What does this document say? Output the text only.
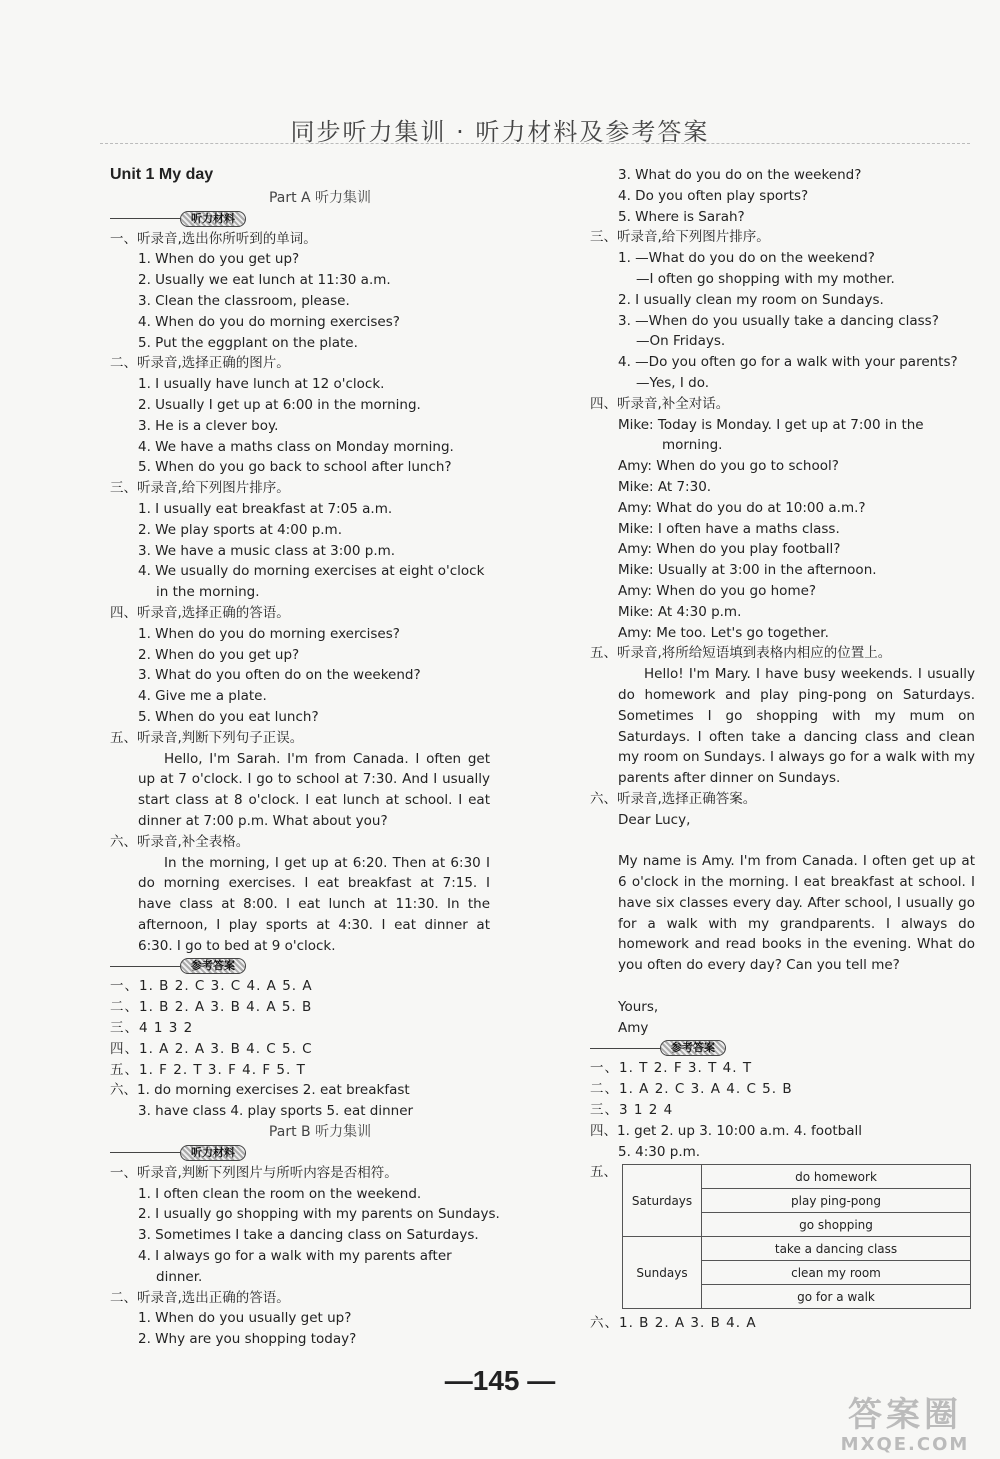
同步听力集训 · 听力材料及参考答案
Unit 1 My day
Part A 听力集训
听力材料
一、听录音,选出你所听到的单词。
1. When do you get up?
2. Usually we eat lunch at 11:30 a.m.
3. Clean the classroom, please.
4. When do you do morning exercises?
5. Put the eggplant on the plate.
二、听录音,选择正确的图片。
1. I usually have lunch at 12 o'clock.
2. Usually I get up at 6:00 in the morning.
3. He is a clever boy.
4. We have a maths class on Monday morning.
5. When do you go back to school after lunch?
三、听录音,给下列图片排序。
1. I usually eat breakfast at 7:05 a.m.
2. We play sports at 4:00 p.m.
3. We have a music class at 3:00 p.m.
4. We usually do morning exercises at eight o'clock
in the morning.
四、听录音,选择正确的答语。
1. When do you do morning exercises?
2. When do you get up?
3. What do you often do on the weekend?
4. Give me a plate.
5. When do you eat lunch?
五、听录音,判断下列句子正误。
Hello, I'm Sarah. I'm from Canada. I often get up at 7 o'clock. I go to school at 7:30. And I usually start class at 8 o'clock. I eat lunch at school. I eat dinner at 7:00 p.m. What about you?
六、听录音,补全表格。
In the morning, I get up at 6:20. Then at 6:30 I do morning exercises. I eat breakfast at 7:15. I have class at 8:00. I eat lunch at 11:30. In the afternoon, I play sports at 4:30. I eat dinner at 6:30. I go to bed at 9 o'clock.
参考答案
一、1. B 2. C 3. C 4. A 5. A
二、1. B 2. A 3. B 4. A 5. B
三、4 1 3 2
四、1. A 2. A 3. B 4. C 5. C
五、1. F 2. T 3. F 4. F 5. T
六、1. do morning exercises 2. eat breakfast
3. have class 4. play sports 5. eat dinner
Part B 听力集训
听力材料
一、听录音,判断下列图片与所听内容是否相符。
1. I often clean the room on the weekend.
2. I usually go shopping with my parents on Sundays.
3. Sometimes I take a dancing class on Saturdays.
4. I always go for a walk with my parents after
dinner.
二、听录音,选出正确的答语。
1. When do you usually get up?
2. Why are you shopping today?
3. What do you do on the weekend?
4. Do you often play sports?
5. Where is Sarah?
三、听录音,给下列图片排序。
1. —What do you do on the weekend?
—I often go shopping with my mother.
2. I usually clean my room on Sundays.
3. —When do you usually take a dancing class?
—On Fridays.
4. —Do you often go for a walk with your parents?
—Yes, I do.
四、听录音,补全对话。
Mike: Today is Monday. I get up at 7:00 in the
morning.
Amy: When do you go to school?
Mike: At 7:30.
Amy: What do you do at 10:00 a.m.?
Mike: I often have a maths class.
Amy: When do you play football?
Mike: Usually at 3:00 in the afternoon.
Amy: When do you go home?
Mike: At 4:30 p.m.
Amy: Me too. Let's go together.
五、听录音,将所给短语填到表格内相应的位置上。
Hello! I'm Mary. I have busy weekends. I usually do homework and play ping-pong on Saturdays. Sometimes I go shopping with my mum on Saturdays. I often take a dancing class and clean my room on Sundays. I always go for a walk with my parents after dinner on Sundays.
六、听录音,选择正确答案。
Dear Lucy,
My name is Amy. I'm from Canada. I often get up at 6 o'clock in the morning. I eat breakfast at school. I have six classes every day. After school, I usually go for a walk with my grandparents. I always do homework and read books in the evening. What do you often do every day? Can you tell me?
Yours,
Amy
参考答案
一、1. T 2. F 3. T 4. T
二、1. A 2. C 3. A 4. C 5. B
三、3 1 2 4
四、1. get 2. up 3. 10:00 a.m. 4. football
5. 4:30 p.m.
五、
Saturdays	do homework
	play ping-pong
	go shopping
Sundays	take a dancing class
	clean my room
	go for a walk
六、1. B 2. A 3. B 4. A
—145 —
答案圈
MXQE.COM
